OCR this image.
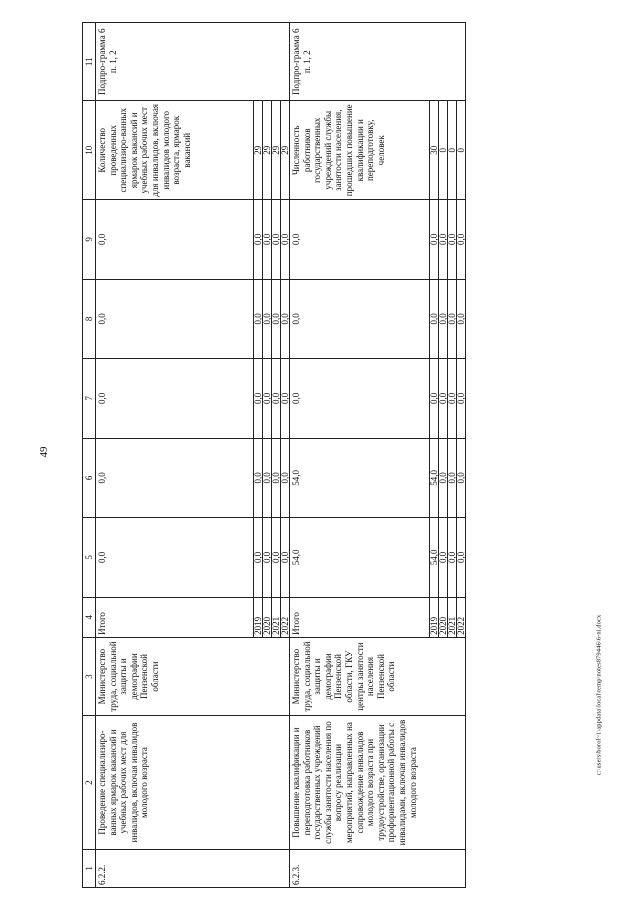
49
c:\users\borol~1\appdata\local\temp\notes879446\6-ni.docx
1	2	3	4	5	6	7	8	9	10	11
6.2.2.	Проведение специализиро-ванных ярмарок вакансий и учебных рабочих мест для инвалидов, включая инвалидов молодого возраста	Министерство труда, социальной защиты и демографии Пензенской области	Итого	0,0	0,0	0,0	0,0	0,0	Количество проведенных специализиро-ванных ярмарок вакансий и учебных рабочих мест для инвалидов, включая инвалидов молодого возраста, ярмарок вакансий	Подпро-грамма 6 п. 1, 2
			2019	0,0	0,0	0,0	0,0	0,0	29	
			2020	0,0	0,0	0,0	0,0	0,0	29	
			2021	0,0	0,0	0,0	0,0	0,0	29	
			2022	0,0	0,0	0,0	0,0	0,0	29	
6.2.3.	Повышение квалификации и переподготовка работников государственных учреждений службы занятости населения по вопросу реализации мероприятий, направленных на сопровождение инвалидов молодого возраста при трудоустройстве, организации профориентационной работы с инвалидами, включая инвалидов молодого возраста	Министерство труда, социальной защиты и демографии Пензенской области, ГКУ центры занятости населения Пензенской области	Итого	54,0	54,0	0,0	0,0	0,0	Численность работников государственных учреждений службы занятости населения, прошедших повышение квалификации и переподготовку, человек	Подпро-грамма 6 п. 1, 2
			2019	54,0	54,0	0,0	0,0	0,0	30	
			2020	0,0	0,0	0,0	0,0	0,0	0	
			2021	0,0	0,0	0,0	0,0	0,0	0	
			2022	0,0	0,0	0,0	0,0	0,0	0	
